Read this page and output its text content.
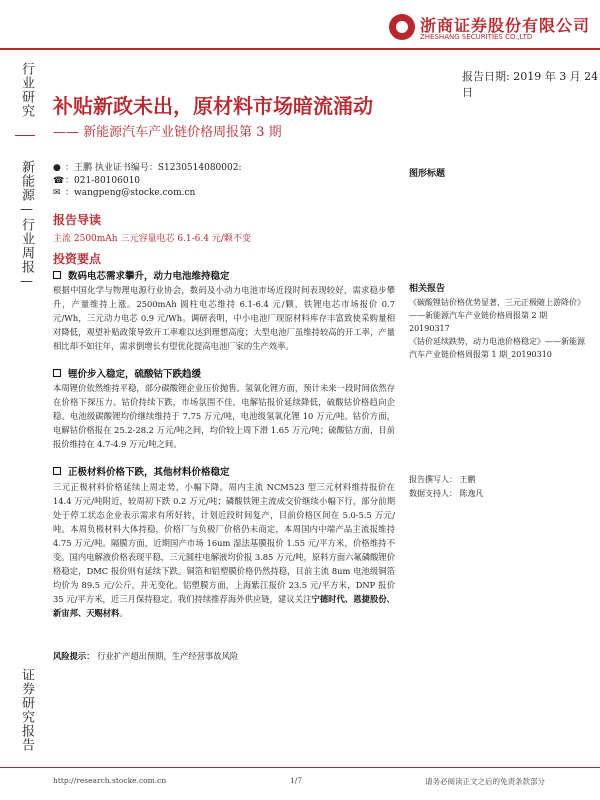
浙商证券股份有限公司
ZHESHANG SECURITIES CO.,LTD
报告日期: 2019 年 3 月 24 日
行业研究
新能源—行业周报—
证券研究报告
补贴新政未出，原材料市场暗流涌动
—— 新能源汽车产业链价格周报第 3 期
● ：王鹏 执业证书编号：S1230514080002:
☎ ：021-80106010
✉ ：wangpeng@stocke.com.cn
报告导读
主流 2500mAh 三元容量电芯 6.1-6.4 元/颗不变
投资要点
数码电芯需求攀升，动力电池维持稳定
根据中国化学与物理电源行业协会，数码及小动力电池市场近段时间表现较好，需求稳步攀升，产量维持上涨。2500mAh 圆柱电芯维持 6.1-6.4 元/颗，铁锂电芯市场报价 0.7 元/Wh，三元动力电芯 0.9 元/Wh。调研表明，中小电池厂现原材料库存丰富致使采购量相对降低，观望补贴政策导致开工率难以达到理想高度；大型电池厂虽维持较高的开工率，产量相比却不如往年，需求倒增长有望优化提高电池厂家的生产效率。
锂价步入稳定，硫酸钴下跌趋缓
本周锂价依然维持平稳，部分碳酸锂企业压价抛售。氢氧化锂方面，预计未来一段时间依然存在价格下探压力。钴价持续下跌，市场氛围不佳，电解钴报价延续降低，硫酸钴价格趋向企稳。电池级碳酸锂均价继续维持于 7.75 万元/吨，电池级氢氧化锂 10 万元/吨。钴价方面，电解钴价格报在 25.2-28.2 万元/吨之间，均价较上周下滑 1.65 万元/吨；硫酸钴方面，目前报价维持在 4.7-4.9 万元/吨之间。
正极材料价格下跌，其他材料价格稳定
三元正极材料价格延续上周走势，小幅下降。周内主流 NCM523 型三元材料维持报价在 14.4 万元/吨附近，较周初下跌 0.2 万元/吨；磷酸铁锂主流成交价继续小幅下行，部分前期处于停工状态企业表示需求有所好转，计划近段时间复产，目前价格区间在 5.0-5.5 万元/吨。本周负极材料大体持稳，价格厂与负极厂价格仍未商定，本周国内中端产品主流报维持 4.75 万元/吨。隔膜方面，近期国产市场 16um 湿法基膜报价 1.55 元/平方米，价格维持不变。国内电解液价格表现平稳，三元圆柱电解液均价报 3.85 万元/吨，原料方面六氟磷酸锂价格稳定，DMC 报价则有延续下跌。铜箔和铝塑膜价格仍然持稳，目前主流 8um 电池级铜箔均价为 89.5 元/公斤，并无变化。铝塑膜方面，上海紫江报价 23.5 元/平方米，DNP 报价 35 元/平方米，近三月保持稳定。我们持续推荐海外供应链，建议关注宁德时代、恩捷股份、新宙邦、天赐材料。
风险提示： 行业扩产超出预期，生产经营事故风险
图形标题
相关报告
《碳酸锂钴价格优势显著，三元正极随上游降价》——新能源汽车产业链价格周报第 2 期 20190317
《钴价延续跌势，动力电池价格稳定》——新能源汽车产业链价格周报第 1 期_20190310
报告撰写人： 王鹏
数据支持人： 陈逸凡
http://research.stocke.com.cn	1/7	请务必阅读正文之后的免责条款部分
